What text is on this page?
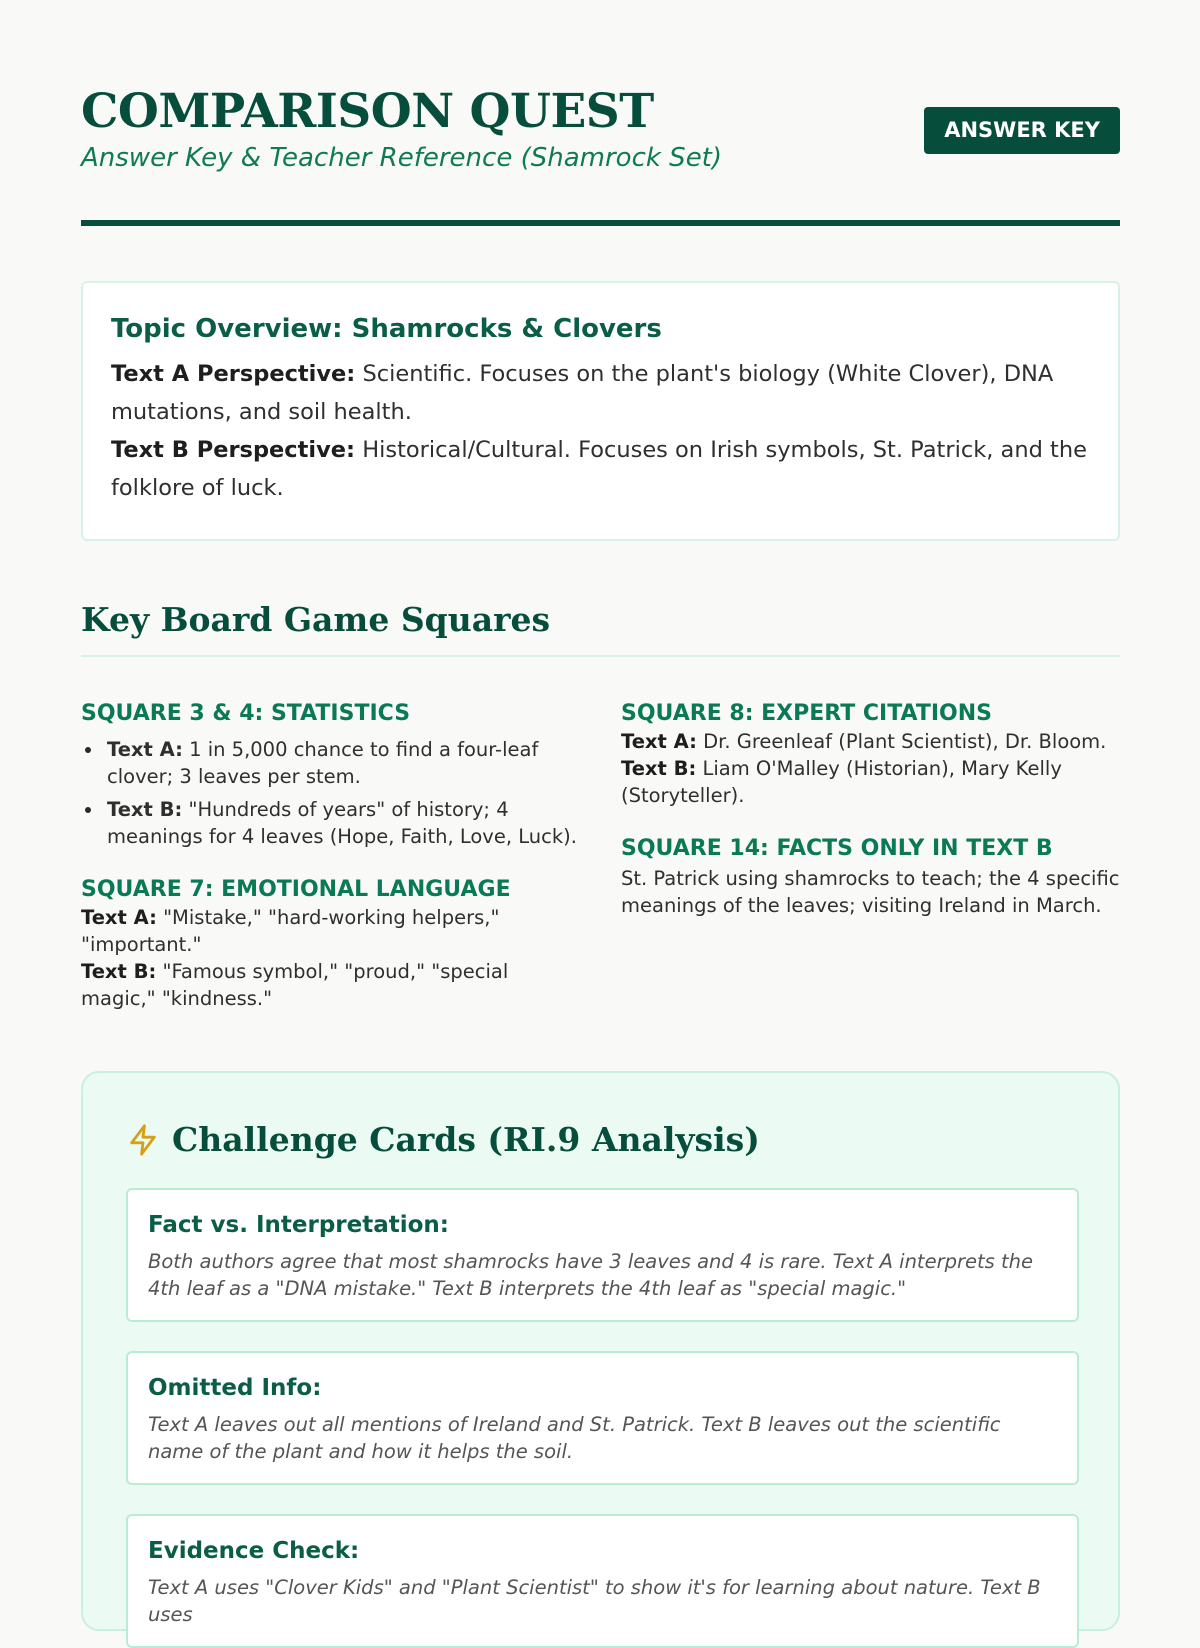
COMPARISON QUEST
Answer Key & Teacher Reference (Shamrock Set)
ANSWER KEY
Topic Overview: Shamrocks & Clovers

Text A Perspective: Scientific. Focuses on the plant's biology (White Clover), DNA mutations, and soil health.

Text B Perspective: Historical/Cultural. Focuses on Irish symbols, St. Patrick, and the folklore of luck.

Key Board Game Squares
SQUARE 3 & 4: STATISTICS
Text A: 1 in 5,000 chance to find a four-leaf clover; 3 leaves per stem.
Text B: "Hundreds of years" of history; 4 meanings for 4 leaves (Hope, Faith, Love, Luck).
SQUARE 7: EMOTIONAL LANGUAGE
Text A: "Mistake," "hard-working helpers," "important."
Text B: "Famous symbol," "proud," "special magic," "kindness."
SQUARE 8: EXPERT CITATIONS
Text A: Dr. Greenleaf (Plant Scientist), Dr. Bloom.
Text B: Liam O'Malley (Historian), Mary Kelly (Storyteller).
SQUARE 14: FACTS ONLY IN TEXT B
St. Patrick using shamrocks to teach; the 4 specific meanings of the leaves; visiting Ireland in March.
Challenge Cards (RI.9 Analysis)
Fact vs. Interpretation:

Both authors agree that most shamrocks have 3 leaves and 4 is rare. Text A interprets the 4th leaf as a "DNA mistake." Text B interprets the 4th leaf as "special magic."

Omitted Info:

Text A leaves out all mentions of Ireland and St. Patrick. Text B leaves out the scientific name of the plant and how it helps the soil.

Evidence Check:

Text A uses "Clover Kids" and "Plant Scientist" to show it's for learning about nature. Text B uses
